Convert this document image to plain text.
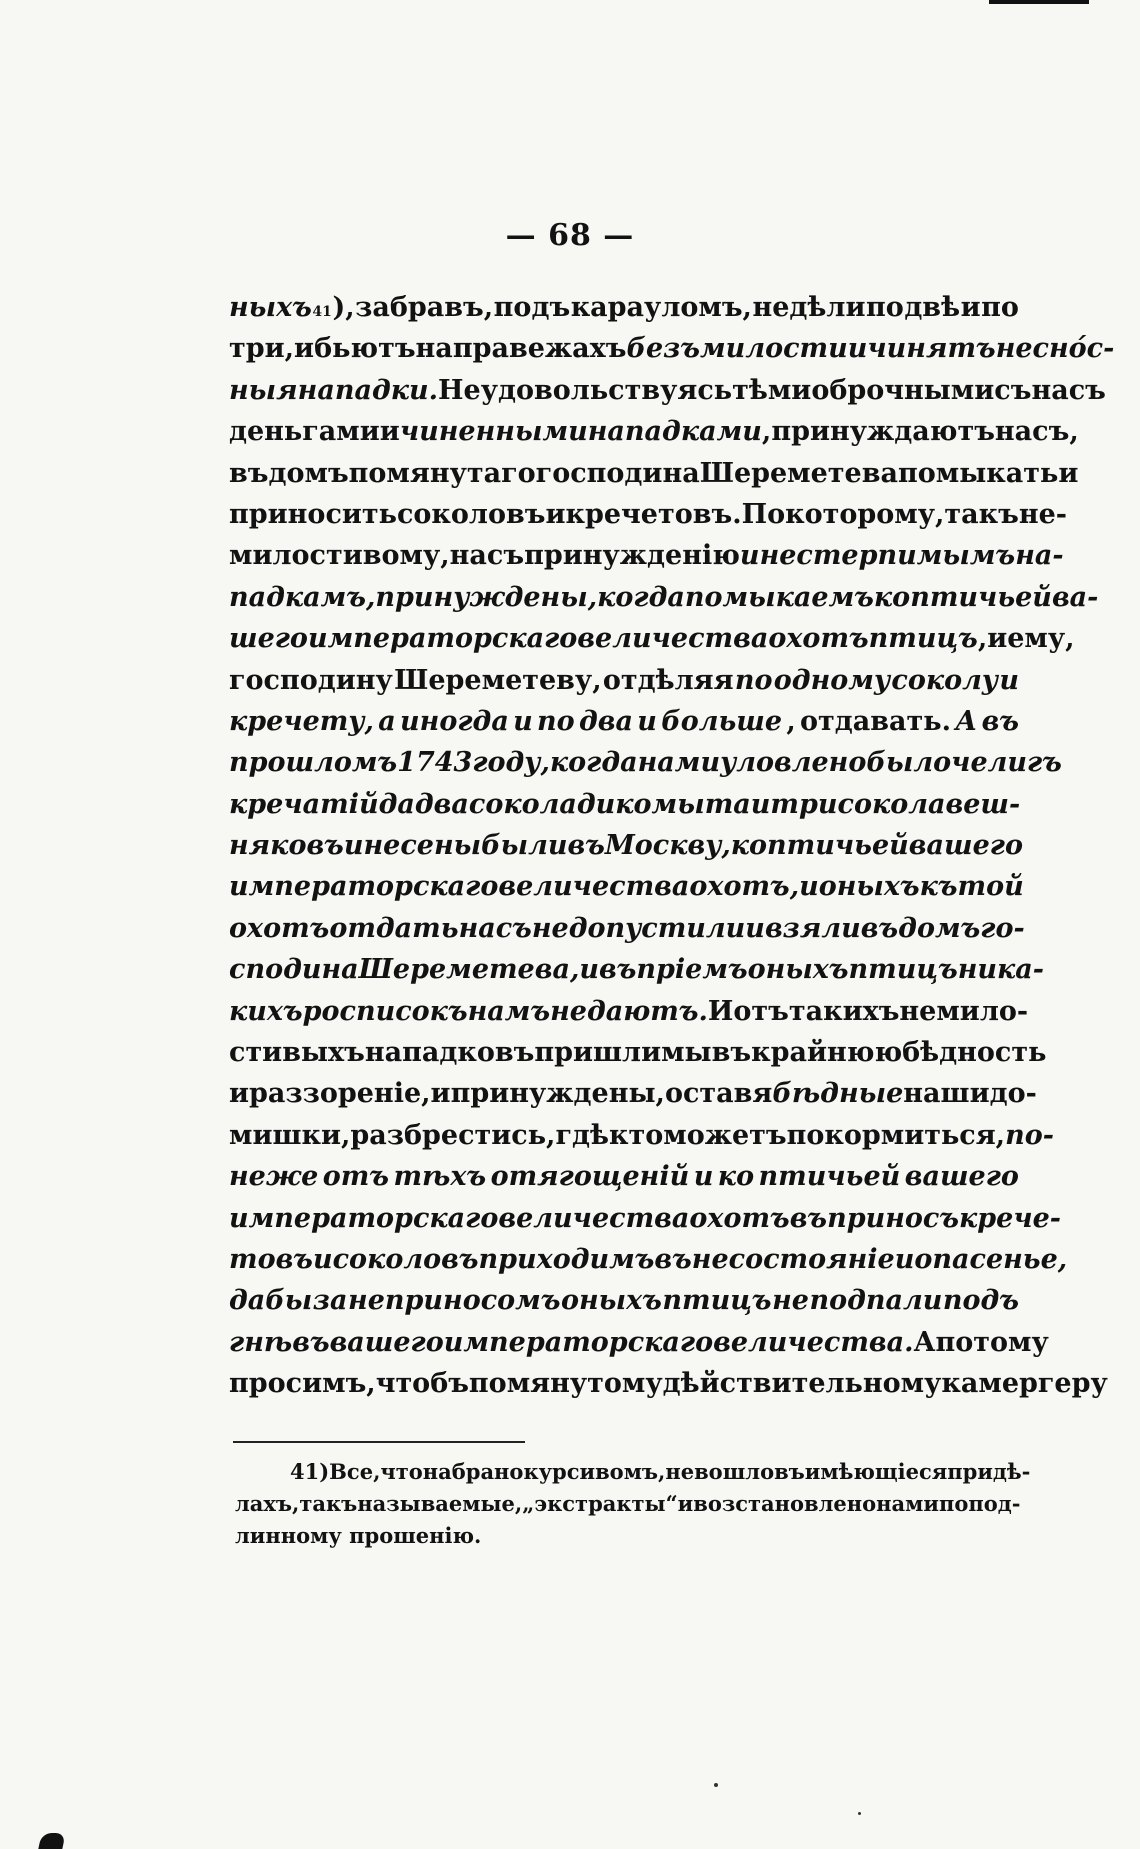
— 68 —
ныхъ 41 ), забравъ, подъ карауломъ, недѣли по двѣ и по
три, и бьютъ на правежахъ безъ милости и чинятъ несно́с-
ныя нападки. Не удовольствуясь тѣми оброчными съ насъ
деньгами и чиненными нападками , принуждаютъ насъ,
въ домъ помянутаго господина Шереметева помыкать и
приносить соколовъ и кречетовъ. По которому, такъ не-
милостивому, насъ принужденію и нестерпимымъ на-
падкамъ, принуждены, когда помыкаемъ ко птичьей ва-
шего императорскаго величества охотъ птицъ , и ему,
господину Шереметеву, отдѣляя по одному соколу и
кречету, а иногда и по два и больше , отдавать. А въ
прошломъ 1743 году, когда нами уловлено было челигъ
кречатій да два сокола дикомыта и три сокола веш-
няковъ и несены были въ Москву, ко птичьей вашего
императорскаго величества охотъ, и оныхъ къ той
охотъ отдать насъ не допустили и взяли въ домъ го-
сподина Шереметева, и въ пріемъ оныхъ птицъ ника-
кихъ росписокъ намъ не даютъ. И отъ такихъ немило-
стивыхъ нападковъ пришли мы въ крайнюю бѣдность
и раззореніе, и принуждены, оставя бѣдные наши до-
мишки, разбрестись, гдѣ кто можетъ покормиться, по-
неже отъ тѣхъ отягощеній и ко птичьей вашего
императорскаго величества охотъ въ приносъ крече-
товъ и соколовъ приходимъ въ несостояніе и опасенье,
дабы за неприносомъ оныхъ птицъ не подпали подъ
гнѣвъ вашего императорскаго величества. А потому
просимъ, чтобъ помянутому дѣйствительному камергеру
41) Все, что набрано курсивомъ, не вошло въ имѣющіеся при дѣ-
лахъ, такъ называемые, „экстракты“ и возстановлено нами по под-
линному прошенію.
